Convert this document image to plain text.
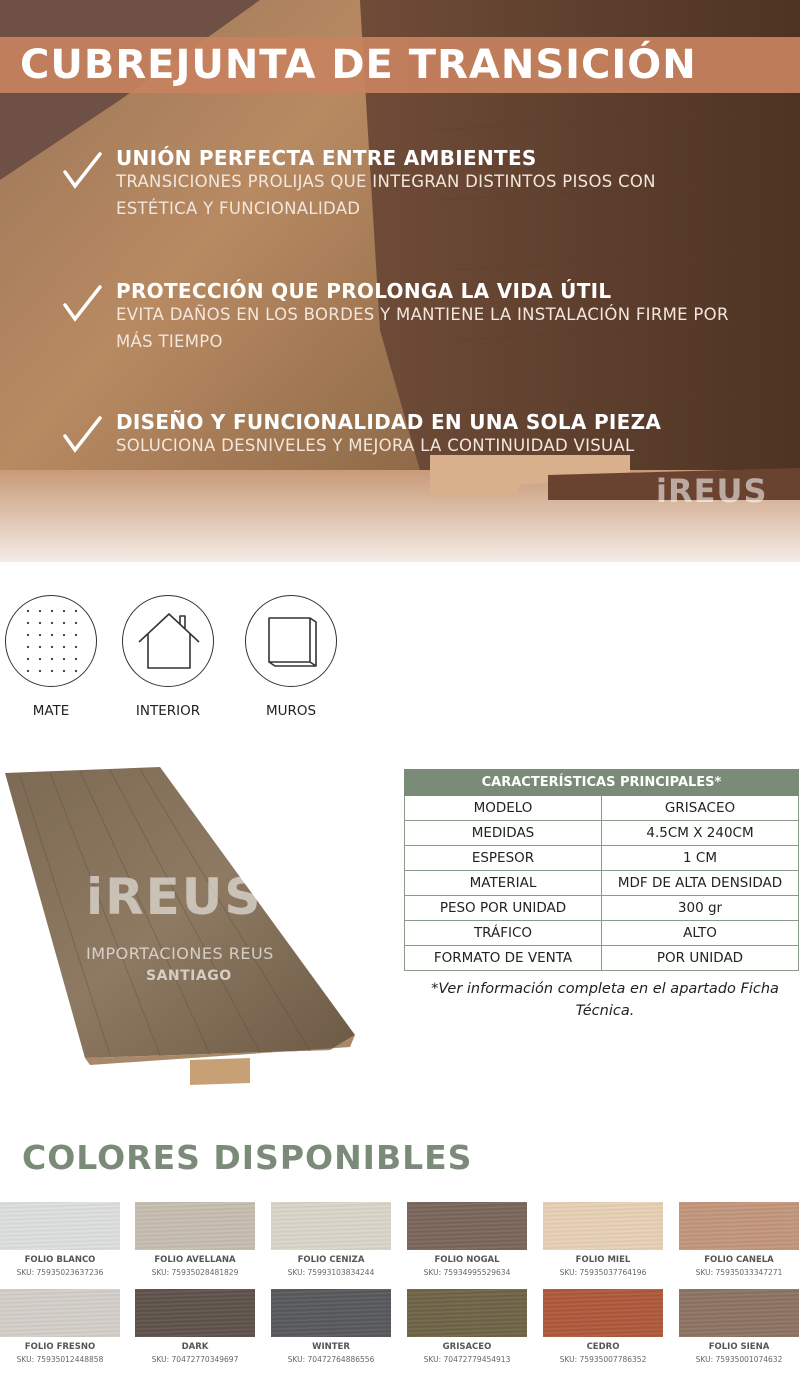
CUBREJUNTA DE TRANSICIÓN
UNIÓN PERFECTA ENTRE AMBIENTES
TRANSICIONES PROLIJAS QUE INTEGRAN DISTINTOS PISOS CON ESTÉTICA Y FUNCIONALIDAD
PROTECCIÓN QUE PROLONGA LA VIDA ÚTIL
EVITA DAÑOS EN LOS BORDES Y MANTIENE LA INSTALACIÓN FIRME POR MÁS TIEMPO
DISEÑO Y FUNCIONALIDAD EN UNA SOLA PIEZA
SOLUCIONA DESNIVELES Y MEJORA LA CONTINUIDAD VISUAL
iREUS
MATE	INTERIOR	MUROS
iREUS
IMPORTACIONES REUS
SANTIAGO
CARACTERÍSTICAS PRINCIPALES*	
MODELO	GRISACEO
MEDIDAS	4.5CM X 240CM
ESPESOR	1 CM
MATERIAL	MDF DE ALTA DENSIDAD
PESO POR UNIDAD	300 gr
TRÁFICO	ALTO
FORMATO DE VENTA	POR UNIDAD
*Ver información completa en el apartado Ficha Técnica.
COLORES DISPONIBLES
FOLIO BLANCO
SKU: 75935023637236
FOLIO AVELLANA
SKU: 75935028481829
FOLIO CENIZA
SKU: 75993103834244
FOLIO NOGAL
SKU: 75934995529634
FOLIO MIEL
SKU: 75935037764196
FOLIO CANELA
SKU: 75935033347271
FOLIO FRESNO
SKU: 75935012448858
DARK
SKU: 70472770349697
WINTER
SKU: 70472764886556
GRISACEO
SKU: 70472779454913
CEDRO
SKU: 75935007786352
FOLIO SIENA
SKU: 75935001074632
